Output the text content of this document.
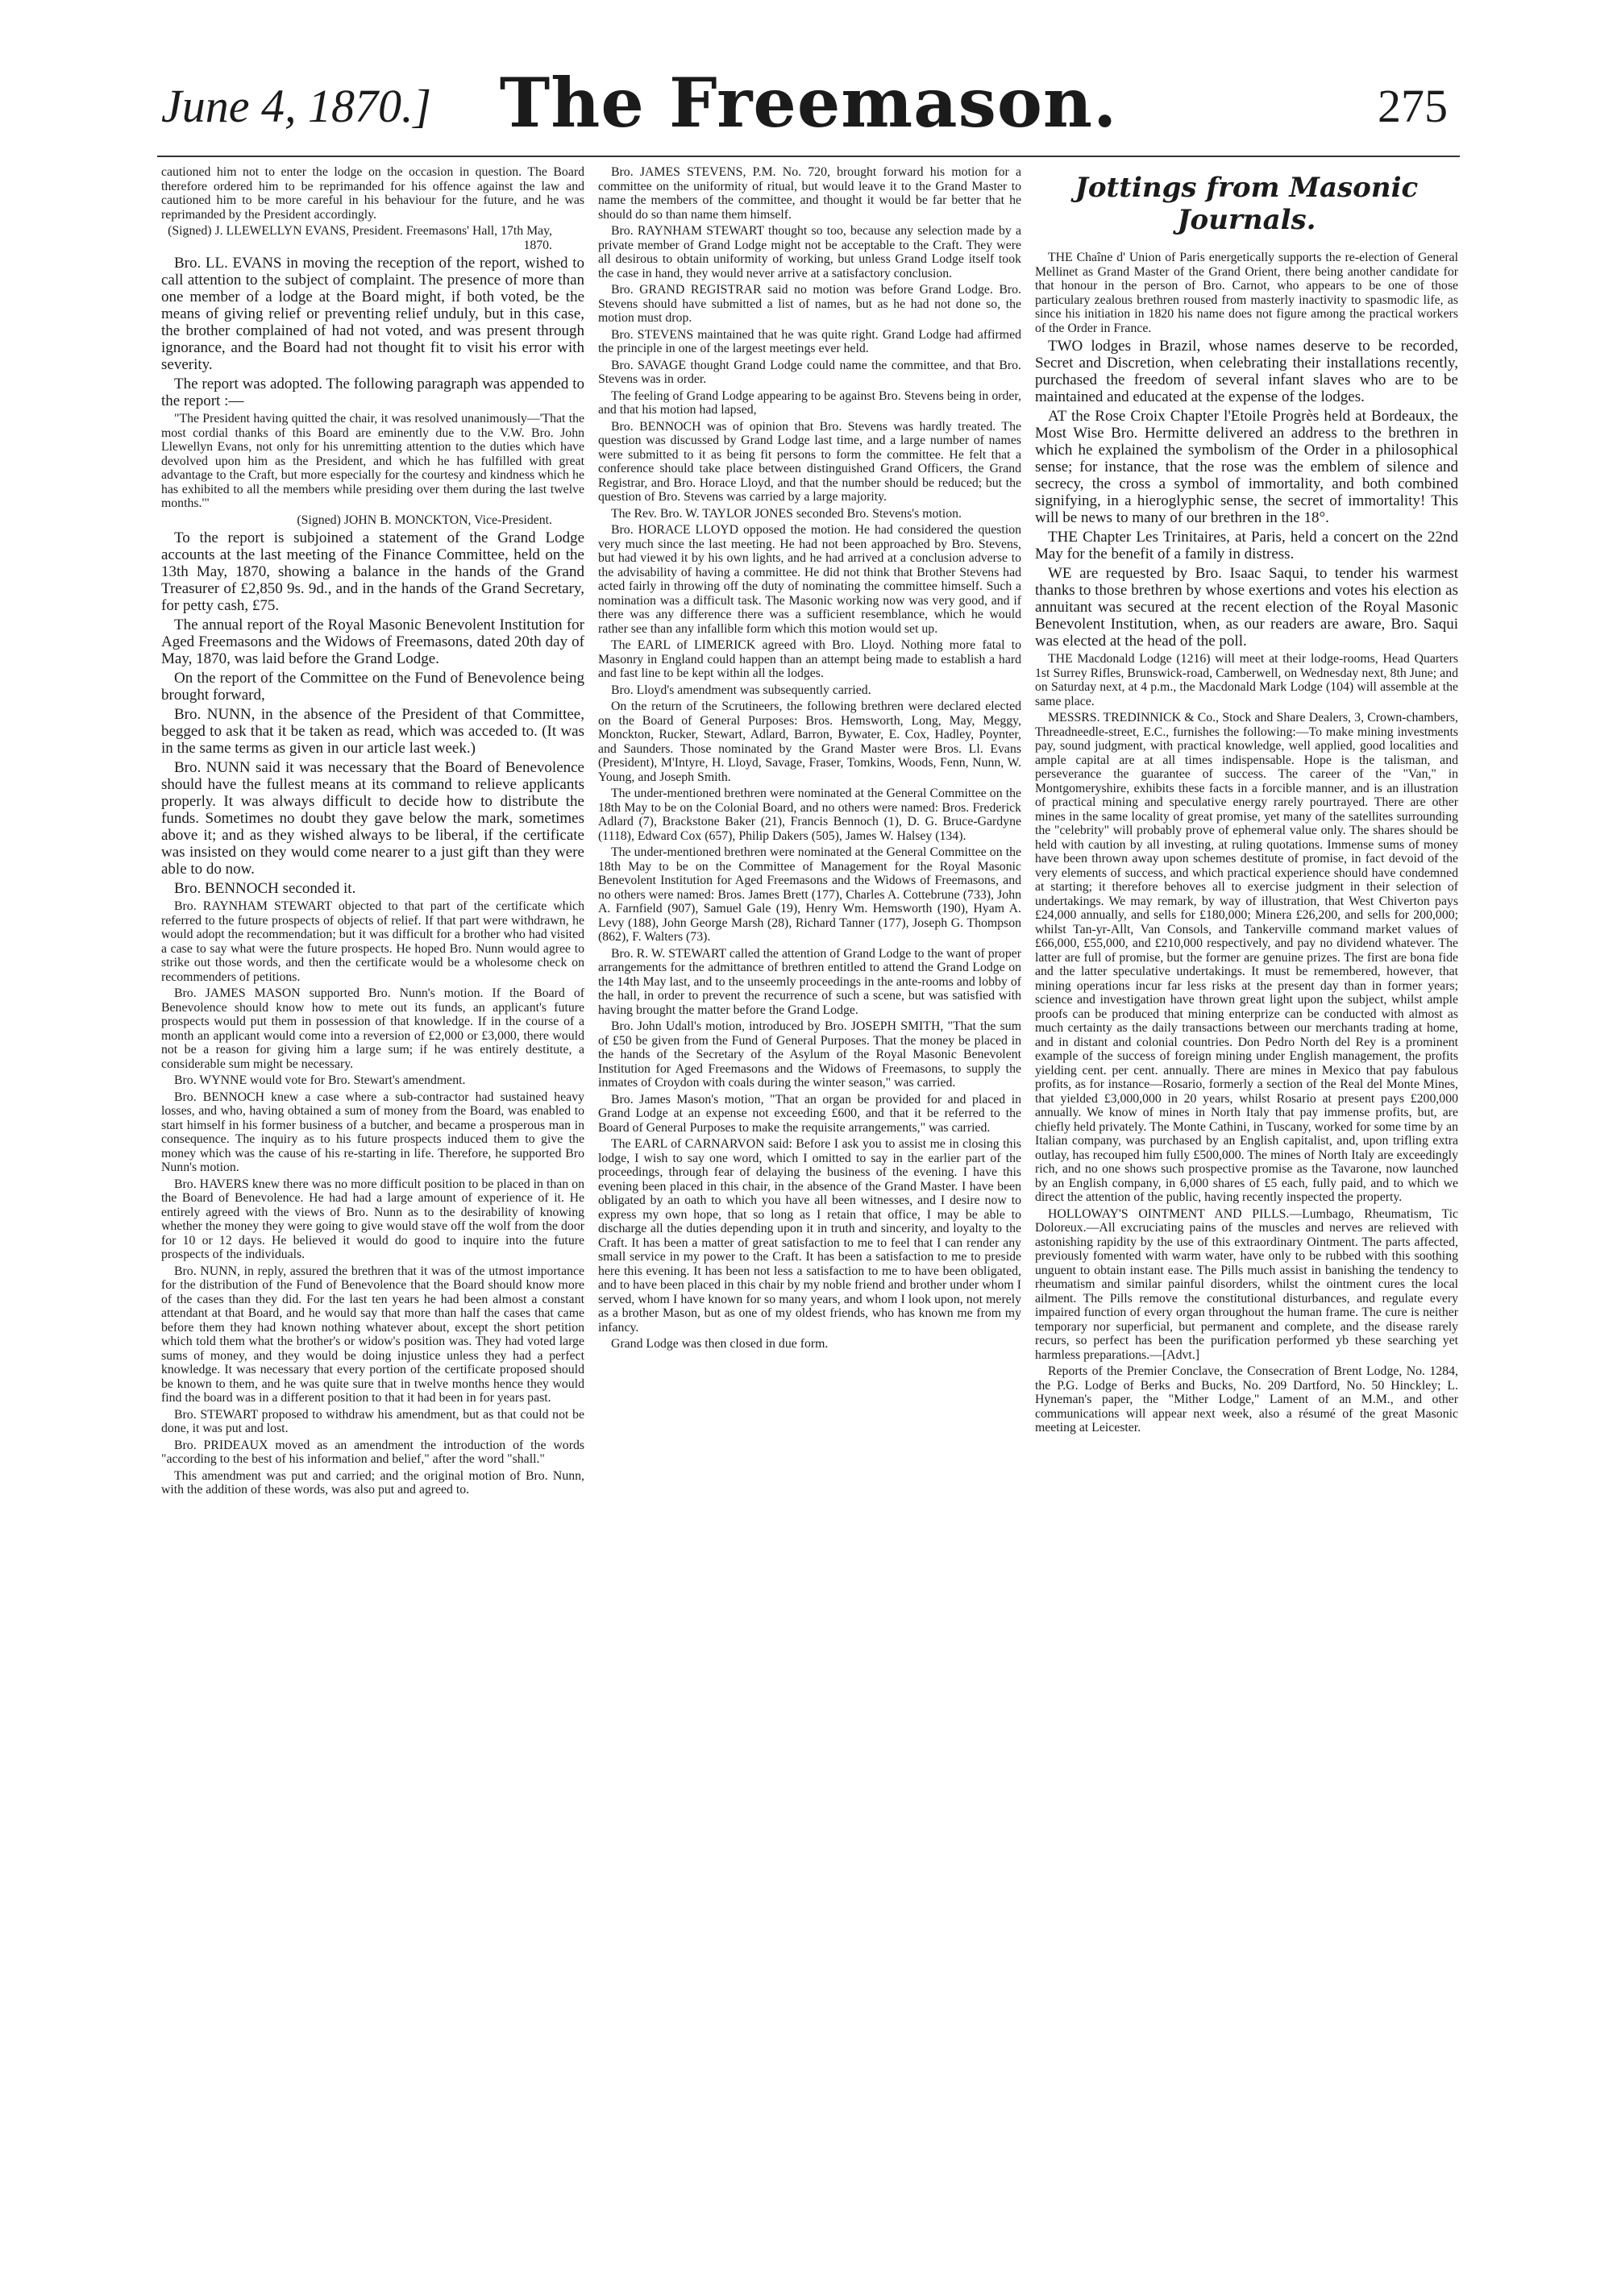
June 4, 1870.]	The Freemason.	275

cautioned him not to enter the lodge on the occasion in question. The Board therefore ordered him to be reprimanded for his offence against the law and cautioned him to be more careful in his behaviour for the future, and he was reprimanded by the President accordingly.

(Signed) J. LLEWELLYN EVANS, President. Freemasons' Hall, 17th May, 1870.

Bro. LL. EVANS in moving the reception of the report, wished to call attention to the subject of complaint. The presence of more than one member of a lodge at the Board might, if both voted, be the means of giving relief or preventing relief unduly, but in this case, the brother complained of had not voted, and was present through ignorance, and the Board had not thought fit to visit his error with severity.

The report was adopted. The following paragraph was appended to the report :—

"The President having quitted the chair, it was resolved unanimously—'That the most cordial thanks of this Board are eminently due to the V.W. Bro. John Llewellyn Evans, not only for his unremitting attention to the duties which have devolved upon him as the President, and which he has fulfilled with great advantage to the Craft, but more especially for the courtesy and kindness which he has exhibited to all the members while presiding over them during the last twelve months.'"

(Signed) JOHN B. MONCKTON, Vice-President.

To the report is subjoined a statement of the Grand Lodge accounts at the last meeting of the Finance Committee, held on the 13th May, 1870, showing a balance in the hands of the Grand Treasurer of £2,850 9s. 9d., and in the hands of the Grand Secretary, for petty cash, £75.

The annual report of the Royal Masonic Benevolent Institution for Aged Freemasons and the Widows of Freemasons, dated 20th day of May, 1870, was laid before the Grand Lodge.

On the report of the Committee on the Fund of Benevolence being brought forward,

Bro. NUNN, in the absence of the President of that Committee, begged to ask that it be taken as read, which was acceded to. (It was in the same terms as given in our article last week.)

Bro. NUNN said it was necessary that the Board of Benevolence should have the fullest means at its command to relieve applicants properly. It was always difficult to decide how to distribute the funds. Sometimes no doubt they gave below the mark, sometimes above it; and as they wished always to be liberal, if the certificate was insisted on they would come nearer to a just gift than they were able to do now.

Bro. BENNOCH seconded it.

Bro. RAYNHAM STEWART objected to that part of the certificate which referred to the future prospects of objects of relief. If that part were withdrawn, he would adopt the recommendation; but it was difficult for a brother who had visited a case to say what were the future prospects. He hoped Bro. Nunn would agree to strike out those words, and then the certificate would be a wholesome check on recommenders of petitions.

Bro. JAMES MASON supported Bro. Nunn's motion. If the Board of Benevolence should know how to mete out its funds, an applicant's future prospects would put them in possession of that knowledge. If in the course of a month an applicant would come into a reversion of £2,000 or £3,000, there would not be a reason for giving him a large sum; if he was entirely destitute, a considerable sum might be necessary.

Bro. WYNNE would vote for Bro. Stewart's amendment.

Bro. BENNOCH knew a case where a sub-contractor had sustained heavy losses, and who, having obtained a sum of money from the Board, was enabled to start himself in his former business of a butcher, and became a prosperous man in consequence. The inquiry as to his future prospects induced them to give the money which was the cause of his re-starting in life. Therefore, he supported Bro Nunn's motion.

Bro. HAVERS knew there was no more difficult position to be placed in than on the Board of Benevolence. He had had a large amount of experience of it. He entirely agreed with the views of Bro. Nunn as to the desirability of knowing whether the money they were going to give would stave off the wolf from the door for 10 or 12 days. He believed it would do good to inquire into the future prospects of the individuals.

Bro. NUNN, in reply, assured the brethren that it was of the utmost importance for the distribution of the Fund of Benevolence that the Board should know more of the cases than they did. For the last ten years he had been almost a constant attendant at that Board, and he would say that more than half the cases that came before them they had known nothing whatever about, except the short petition which told them what the brother's or widow's position was. They had voted large sums of money, and they would be doing injustice unless they had a perfect knowledge. It was necessary that every portion of the certificate proposed should be known to them, and he was quite sure that in twelve months hence they would find the board was in a different position to that it had been in for years past.

Bro. STEWART proposed to withdraw his amendment, but as that could not be done, it was put and lost.

Bro. PRIDEAUX moved as an amendment the introduction of the words "according to the best of his information and belief," after the word "shall."

This amendment was put and carried; and the original motion of Bro. Nunn, with the addition of these words, was also put and agreed to.

Bro. JAMES STEVENS, P.M. No. 720, brought forward his motion for a committee on the uniformity of ritual, but would leave it to the Grand Master to name the members of the committee, and thought it would be far better that he should do so than name them himself.

Bro. RAYNHAM STEWART thought so too, because any selection made by a private member of Grand Lodge might not be acceptable to the Craft. They were all desirous to obtain uniformity of working, but unless Grand Lodge itself took the case in hand, they would never arrive at a satisfactory conclusion.

Bro. GRAND REGISTRAR said no motion was before Grand Lodge. Bro. Stevens should have submitted a list of names, but as he had not done so, the motion must drop.

Bro. STEVENS maintained that he was quite right. Grand Lodge had affirmed the principle in one of the largest meetings ever held.

Bro. SAVAGE thought Grand Lodge could name the committee, and that Bro. Stevens was in order.

The feeling of Grand Lodge appearing to be against Bro. Stevens being in order, and that his motion had lapsed,

Bro. BENNOCH was of opinion that Bro. Stevens was hardly treated. The question was discussed by Grand Lodge last time, and a large number of names were submitted to it as being fit persons to form the committee. He felt that a conference should take place between distinguished Grand Officers, the Grand Registrar, and Bro. Horace Lloyd, and that the number should be reduced; but the question of Bro. Stevens was carried by a large majority.

The Rev. Bro. W. TAYLOR JONES seconded Bro. Stevens's motion.

Bro. HORACE LLOYD opposed the motion. He had considered the question very much since the last meeting. He had not been approached by Bro. Stevens, but had viewed it by his own lights, and he had arrived at a conclusion adverse to the advisability of having a committee. He did not think that Brother Stevens had acted fairly in throwing off the duty of nominating the committee himself. Such a nomination was a difficult task. The Masonic working now was very good, and if there was any difference there was a sufficient resemblance, which he would rather see than any infallible form which this motion would set up.

The EARL of LIMERICK agreed with Bro. Lloyd. Nothing more fatal to Masonry in England could happen than an attempt being made to establish a hard and fast line to be kept within all the lodges.

Bro. Lloyd's amendment was subsequently carried.

On the return of the Scrutineers, the following brethren were declared elected on the Board of General Purposes: Bros. Hemsworth, Long, May, Meggy, Monckton, Rucker, Stewart, Adlard, Barron, Bywater, E. Cox, Hadley, Poynter, and Saunders. Those nominated by the Grand Master were Bros. Ll. Evans (President), M'Intyre, H. Lloyd, Savage, Fraser, Tomkins, Woods, Fenn, Nunn, W. Young, and Joseph Smith.

The under-mentioned brethren were nominated at the General Committee on the 18th May to be on the Colonial Board, and no others were named: Bros. Frederick Adlard (7), Brackstone Baker (21), Francis Bennoch (1), D. G. Bruce-Gardyne (1118), Edward Cox (657), Philip Dakers (505), James W. Halsey (134).

The under-mentioned brethren were nominated at the General Committee on the 18th May to be on the Committee of Management for the Royal Masonic Benevolent Institution for Aged Freemasons and the Widows of Freemasons, and no others were named: Bros. James Brett (177), Charles A. Cottebrune (733), John A. Farnfield (907), Samuel Gale (19), Henry Wm. Hemsworth (190), Hyam A. Levy (188), John George Marsh (28), Richard Tanner (177), Joseph G. Thompson (862), F. Walters (73).

Bro. R. W. STEWART called the attention of Grand Lodge to the want of proper arrangements for the admittance of brethren entitled to attend the Grand Lodge on the 14th May last, and to the unseemly proceedings in the ante-rooms and lobby of the hall, in order to prevent the recurrence of such a scene, but was satisfied with having brought the matter before the Grand Lodge.

Bro. John Udall's motion, introduced by Bro. JOSEPH SMITH, "That the sum of £50 be given from the Fund of General Purposes. That the money be placed in the hands of the Secretary of the Asylum of the Royal Masonic Benevolent Institution for Aged Freemasons and the Widows of Freemasons, to supply the inmates of Croydon with coals during the winter season," was carried.

Bro. James Mason's motion, "That an organ be provided for and placed in Grand Lodge at an expense not exceeding £600, and that it be referred to the Board of General Purposes to make the requisite arrangements," was carried.

The EARL of CARNARVON said: Before I ask you to assist me in closing this lodge, I wish to say one word, which I omitted to say in the earlier part of the proceedings, through fear of delaying the business of the evening. I have this evening been placed in this chair, in the absence of the Grand Master. I have been obligated by an oath to which you have all been witnesses, and I desire now to express my own hope, that so long as I retain that office, I may be able to discharge all the duties depending upon it in truth and sincerity, and loyalty to the Craft. It has been a matter of great satisfaction to me to feel that I can render any small service in my power to the Craft. It has been a satisfaction to me to preside here this evening. It has been not less a satisfaction to me to have been obligated, and to have been placed in this chair by my noble friend and brother under whom I served, whom I have known for so many years, and whom I look upon, not merely as a brother Mason, but as one of my oldest friends, who has known me from my infancy.

Grand Lodge was then closed in due form.

Jottings from Masonic Journals.

THE Chaîne d' Union of Paris energetically supports the re-election of General Mellinet as Grand Master of the Grand Orient, there being another candidate for that honour in the person of Bro. Carnot, who appears to be one of those particulary zealous brethren roused from masterly inactivity to spasmodic life, as since his initiation in 1820 his name does not figure among the practical workers of the Order in France.

TWO lodges in Brazil, whose names deserve to be recorded, Secret and Discretion, when celebrating their installations recently, purchased the freedom of several infant slaves who are to be maintained and educated at the expense of the lodges.

AT the Rose Croix Chapter l'Etoile Progrès held at Bordeaux, the Most Wise Bro. Hermitte delivered an address to the brethren in which he explained the symbolism of the Order in a philosophical sense; for instance, that the rose was the emblem of silence and secrecy, the cross a symbol of immortality, and both combined signifying, in a hieroglyphic sense, the secret of immortality! This will be news to many of our brethren in the 18°.

THE Chapter Les Trinitaires, at Paris, held a concert on the 22nd May for the benefit of a family in distress.

WE are requested by Bro. Isaac Saqui, to tender his warmest thanks to those brethren by whose exertions and votes his election as annuitant was secured at the recent election of the Royal Masonic Benevolent Institution, when, as our readers are aware, Bro. Saqui was elected at the head of the poll.

THE Macdonald Lodge (1216) will meet at their lodge-rooms, Head Quarters 1st Surrey Rifles, Brunswick-road, Camberwell, on Wednesday next, 8th June; and on Saturday next, at 4 p.m., the Macdonald Mark Lodge (104) will assemble at the same place.

MESSRS. TREDINNICK & Co., Stock and Share Dealers, 3, Crown-chambers, Threadneedle-street, E.C., furnishes the following:—To make mining investments pay, sound judgment, with practical knowledge, well applied, good localities and ample capital are at all times indispensable. Hope is the talisman, and perseverance the guarantee of success. The career of the "Van," in Montgomeryshire, exhibits these facts in a forcible manner, and is an illustration of practical mining and speculative energy rarely pourtrayed. There are other mines in the same locality of great promise, yet many of the satellites surrounding the "celebrity" will probably prove of ephemeral value only. The shares should be held with caution by all investing, at ruling quotations. Immense sums of money have been thrown away upon schemes destitute of promise, in fact devoid of the very elements of success, and which practical experience should have condemned at starting; it therefore behoves all to exercise judgment in their selection of undertakings. We may remark, by way of illustration, that West Chiverton pays £24,000 annually, and sells for £180,000; Minera £26,200, and sells for 200,000; whilst Tan-yr-Allt, Van Consols, and Tankerville command market values of £66,000, £55,000, and £210,000 respectively, and pay no dividend whatever. The latter are full of promise, but the former are genuine prizes. The first are bona fide and the latter speculative undertakings. It must be remembered, however, that mining operations incur far less risks at the present day than in former years; science and investigation have thrown great light upon the subject, whilst ample proofs can be produced that mining enterprize can be conducted with almost as much certainty as the daily transactions between our merchants trading at home, and in distant and colonial countries. Don Pedro North del Rey is a prominent example of the success of foreign mining under English management, the profits yielding cent. per cent. annually. There are mines in Mexico that pay fabulous profits, as for instance—Rosario, formerly a section of the Real del Monte Mines, that yielded £3,000,000 in 20 years, whilst Rosario at present pays £200,000 annually. We know of mines in North Italy that pay immense profits, but, are chiefly held privately. The Monte Cathini, in Tuscany, worked for some time by an Italian company, was purchased by an English capitalist, and, upon trifling extra outlay, has recouped him fully £500,000. The mines of North Italy are exceedingly rich, and no one shows such prospective promise as the Tavarone, now launched by an English company, in 6,000 shares of £5 each, fully paid, and to which we direct the attention of the public, having recently inspected the property.

HOLLOWAY'S OINTMENT AND PILLS.—Lumbago, Rheumatism, Tic Doloreux.—All excruciating pains of the muscles and nerves are relieved with astonishing rapidity by the use of this extraordinary Ointment. The parts affected, previously fomented with warm water, have only to be rubbed with this soothing unguent to obtain instant ease. The Pills much assist in banishing the tendency to rheumatism and similar painful disorders, whilst the ointment cures the local ailment. The Pills remove the constitutional disturbances, and regulate every impaired function of every organ throughout the human frame. The cure is neither temporary nor superficial, but permanent and complete, and the disease rarely recurs, so perfect has been the purification performed yb these searching yet harmless preparations.—[Advt.]

Reports of the Premier Conclave, the Consecration of Brent Lodge, No. 1284, the P.G. Lodge of Berks and Bucks, No. 209 Dartford, No. 50 Hinckley; L. Hyneman's paper, the "Mither Lodge," Lament of an M.M., and other communications will appear next week, also a résumé of the great Masonic meeting at Leicester.
